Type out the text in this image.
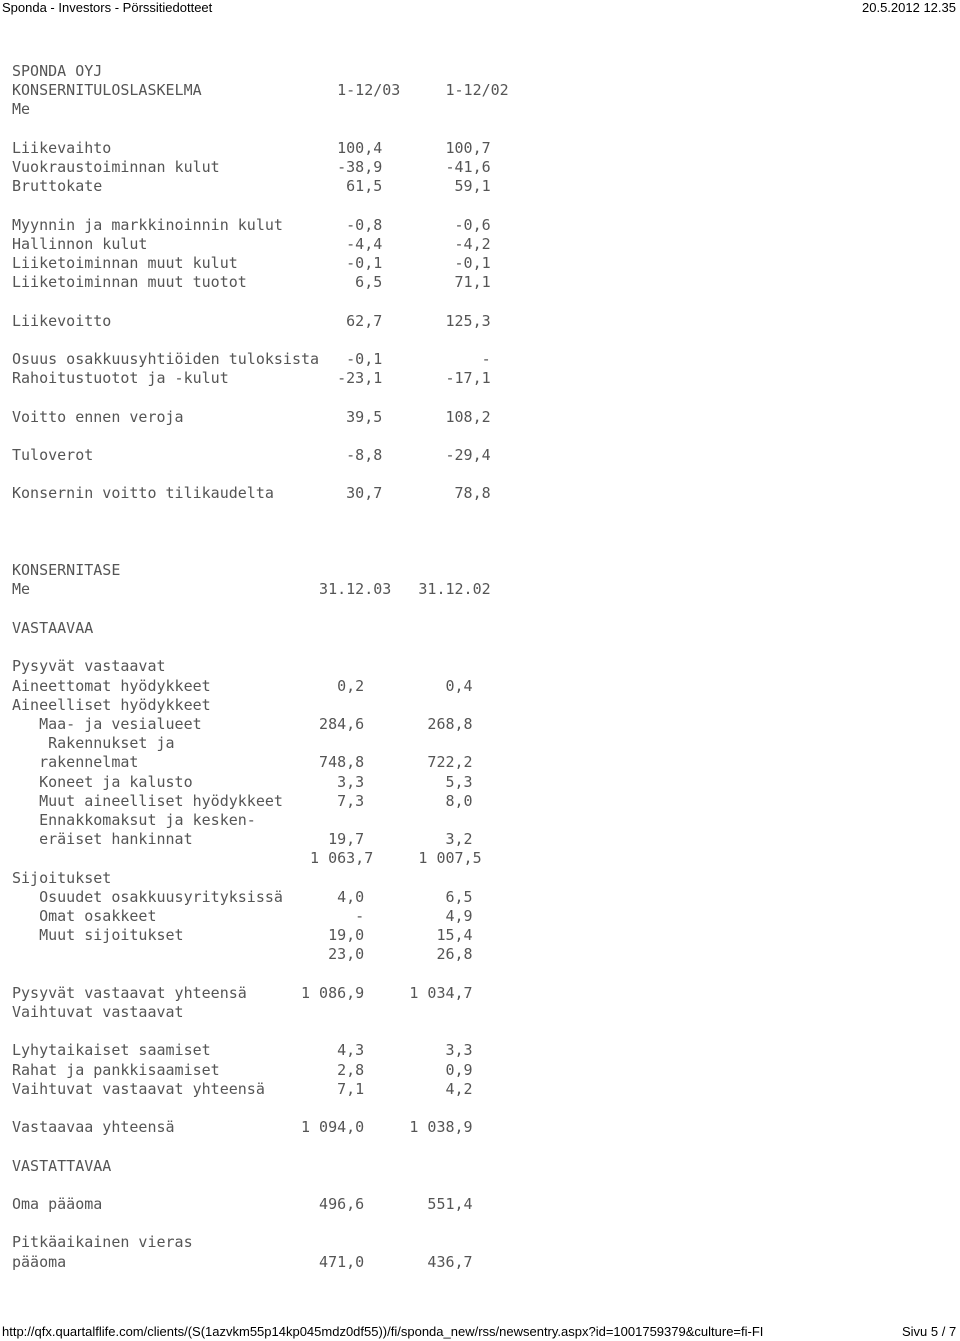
Sponda - Investors - Pörssitiedotteet	20.5.2012 12.35
SPONDA OYJ
KONSERNITULOSLASKELMA               1-12/03     1-12/02
Me

Liikevaihto                         100,4       100,7
Vuokraustoiminnan kulut             -38,9       -41,6
Bruttokate                           61,5        59,1

Myynnin ja markkinoinnin kulut       -0,8        -0,6
Hallinnon kulut                      -4,4        -4,2
Liiketoiminnan muut kulut            -0,1        -0,1
Liiketoiminnan muut tuotot            6,5        71,1

Liikevoitto                          62,7       125,3

Osuus osakkuusyhtiöiden tuloksista   -0,1           -
Rahoitustuotot ja -kulut            -23,1       -17,1

Voitto ennen veroja                  39,5       108,2

Tuloverot                            -8,8       -29,4

Konsernin voitto tilikaudelta        30,7        78,8

KONSERNITASE
Me                                31.12.03   31.12.02

VASTAAVAA

Pysyvät vastaavat
Aineettomat hyödykkeet              0,2         0,4
Aineelliset hyödykkeet
Maa- ja vesialueet             284,6       268,8
Rakennukset ja
rakennelmat                    748,8       722,2
Koneet ja kalusto                3,3         5,3
Muut aineelliset hyödykkeet      7,3         8,0
Ennakkomaksut ja kesken-
eräiset hankinnat               19,7         3,2
1 063,7     1 007,5
Sijoitukset
Osuudet osakkuusyrityksissä      4,0         6,5
Omat osakkeet                      -         4,9
Muut sijoitukset                19,0        15,4
23,0        26,8

Pysyvät vastaavat yhteensä      1 086,9     1 034,7
Vaihtuvat vastaavat

Lyhytaikaiset saamiset              4,3         3,3
Rahat ja pankkisaamiset             2,8         0,9
Vaihtuvat vastaavat yhteensä        7,1         4,2

Vastaavaa yhteensä              1 094,0     1 038,9

VASTATTAVAA

Oma pääoma                        496,6       551,4

Pitkäaikainen vieras
pääoma                            471,0       436,7
http://qfx.quartalflife.com/clients/(S(1azvkm55p14kp045mdz0df55))/fi/sponda_new/rss/newsentry.aspx?id=1001759379&culture=fi-FI	Sivu 5 / 7
